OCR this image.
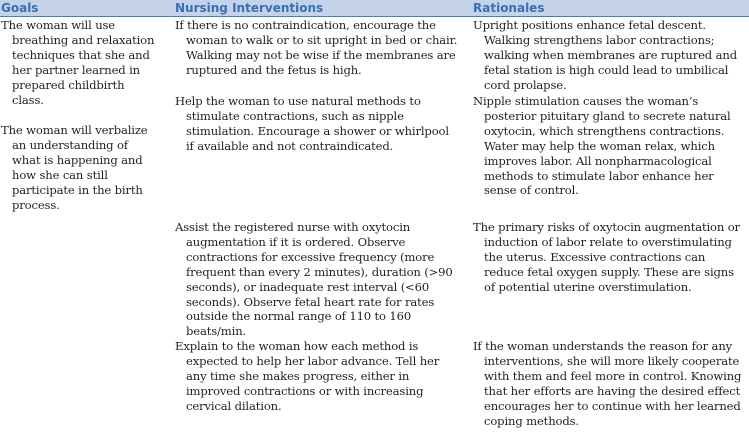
Goals	Nursing Interventions	Rationales

The woman will use breathing and relaxation techniques that she and her partner learned in prepared childbirth class.

The woman will verbalize an understanding of what is happening and how she can still participate in the birth process.

If there is no contraindication, encourage the woman to walk or to sit upright in bed or chair. Walking may not be wise if the membranes are ruptured and the fetus is high.

Help the woman to use natural methods to stimulate contractions, such as nipple stimulation. Encourage a shower or whirlpool if available and not contraindicated.

Assist the registered nurse with oxytocin augmentation if it is ordered. Observe contractions for excessive frequency (more frequent than every 2 minutes), duration (>90 seconds), or inadequate rest interval (<60 seconds). Observe fetal heart rate for rates outside the normal range of 110 to 160 beats/min.

Explain to the woman how each method is expected to help her labor advance. Tell her any time she makes progress, either in improved contractions or with increasing cervical dilation.

Upright positions enhance fetal descent. Walking strengthens labor contractions; walking when membranes are ruptured and fetal station is high could lead to umbilical cord prolapse.

Nipple stimulation causes the woman’s posterior pituitary gland to secrete natural oxytocin, which strengthens contractions. Water may help the woman relax, which improves labor. All nonpharmacological methods to stimulate labor enhance her sense of control.

The primary risks of oxytocin augmentation or induction of labor relate to overstimulating the uterus. Excessive contractions can reduce fetal oxygen supply. These are signs of potential uterine overstimulation.

If the woman understands the reason for any interventions, she will more likely cooperate with them and feel more in control. Knowing that her efforts are having the desired effect encourages her to continue with her learned coping methods.
